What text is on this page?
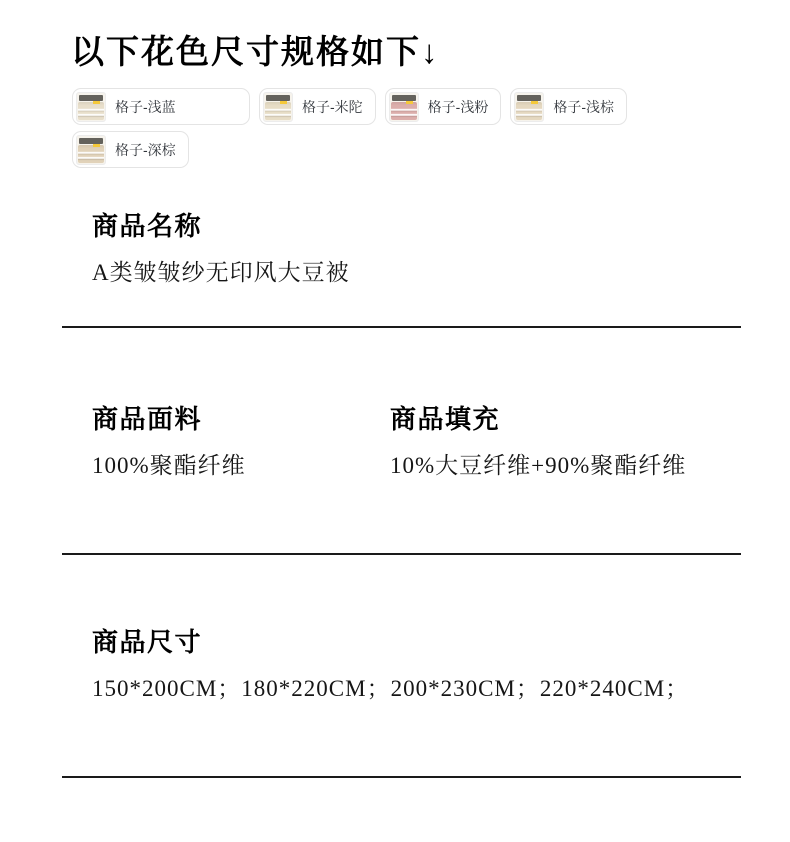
以下花色尺寸规格如下↓
格子-浅蓝	格子-米陀	格子-浅粉	格子-浅棕
格子-深棕
商品名称

A类皱皱纱无印风大豆被

商品面料

100%聚酯纤维

商品填充

10%大豆纤维+90%聚酯纤维

商品尺寸

150*200CM；180*220CM；200*230CM；220*240CM；
